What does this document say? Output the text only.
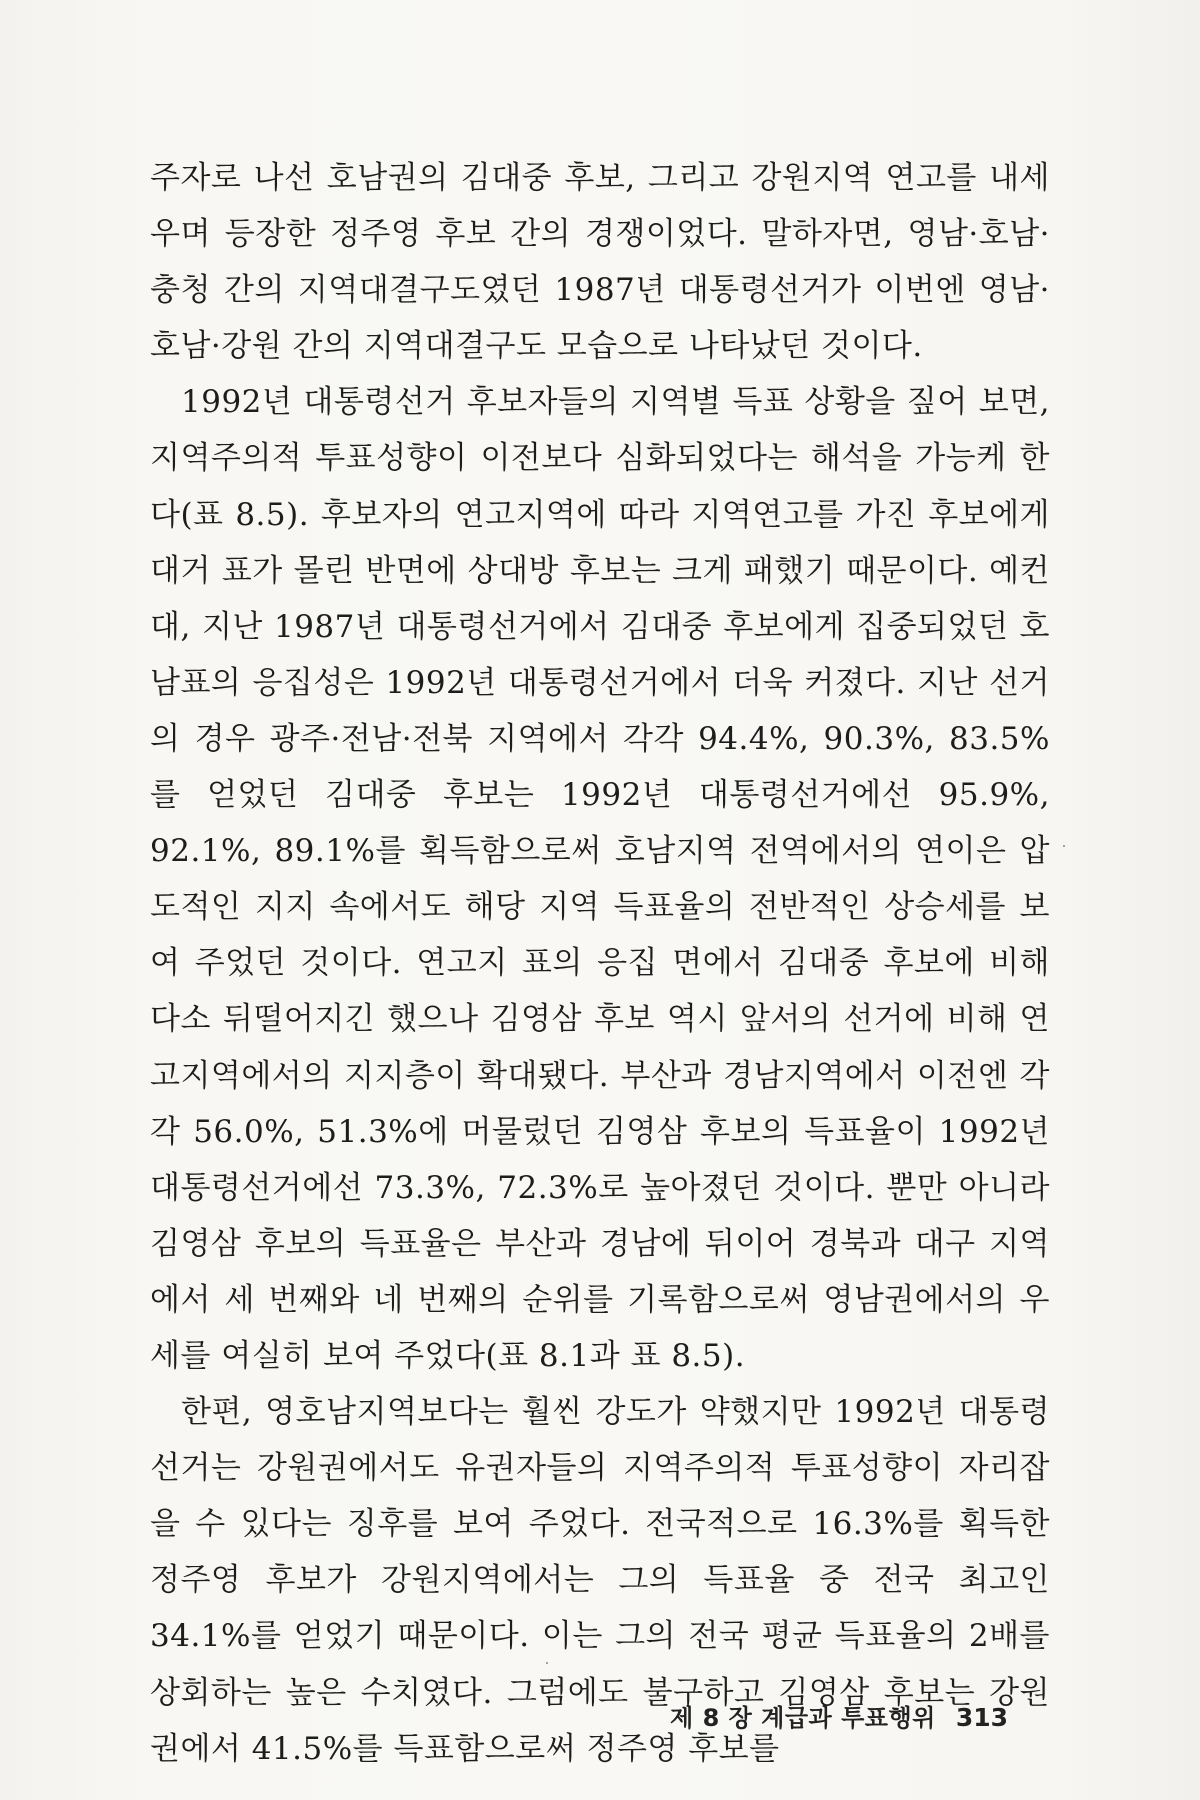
주자로 나선 호남권의 김대중 후보, 그리고 강원지역 연고를 내세우며 등장한 정주영 후보 간의 경쟁이었다. 말하자면, 영남·호남·충청 간의 지역대결구도였던 1987년 대통령선거가 이번엔 영남·호남·강원 간의 지역대결구도 모습으로 나타났던 것이다.

1992년 대통령선거 후보자들의 지역별 득표 상황을 짚어 보면, 지역주의적 투표성향이 이전보다 심화되었다는 해석을 가능케 한다(표 8.5). 후보자의 연고지역에 따라 지역연고를 가진 후보에게 대거 표가 몰린 반면에 상대방 후보는 크게 패했기 때문이다. 예컨대, 지난 1987년 대통령선거에서 김대중 후보에게 집중되었던 호남표의 응집성은 1992년 대통령선거에서 더욱 커졌다. 지난 선거의 경우 광주·전남·전북 지역에서 각각 94.4%, 90.3%, 83.5%를 얻었던 김대중 후보는 1992년 대통령선거에선 95.9%, 92.1%, 89.1%를 획득함으로써 호남지역 전역에서의 연이은 압도적인 지지 속에서도 해당 지역 득표율의 전반적인 상승세를 보여 주었던 것이다. 연고지 표의 응집 면에서 김대중 후보에 비해 다소 뒤떨어지긴 했으나 김영삼 후보 역시 앞서의 선거에 비해 연고지역에서의 지지층이 확대됐다. 부산과 경남지역에서 이전엔 각각 56.0%, 51.3%에 머물렀던 김영삼 후보의 득표율이 1992년 대통령선거에선 73.3%, 72.3%로 높아졌던 것이다. 뿐만 아니라 김영삼 후보의 득표율은 부산과 경남에 뒤이어 경북과 대구 지역에서 세 번째와 네 번째의 순위를 기록함으로써 영남권에서의 우세를 여실히 보여 주었다(표 8.1과 표 8.5).

한편, 영호남지역보다는 훨씬 강도가 약했지만 1992년 대통령선거는 강원권에서도 유권자들의 지역주의적 투표성향이 자리잡을 수 있다는 징후를 보여 주었다. 전국적으로 16.3%를 획득한 정주영 후보가 강원지역에서는 그의 득표율 중 전국 최고인 34.1%를 얻었기 때문이다. 이는 그의 전국 평균 득표율의 2배를 상회하는 높은 수치였다. 그럼에도 불구하고 김영삼 후보는 강원권에서 41.5%를 득표함으로써 정주영 후보를

제 8 장 계급과 투표행위 313
